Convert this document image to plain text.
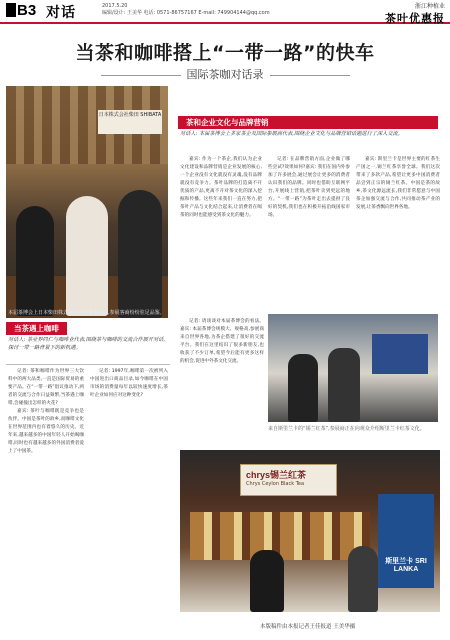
B3 对话	2017.5.20
编辑/设计: 王美华 电话: 0571-86757167 E-mail: 749904144@qq.com
浙江种植业
茶叶优惠报
当茶和咖啡搭上“一带一路”的快车
国际茶咖对话录
日本株式会社柴田 SHIBATA
本届茶博会上日本柴田株式会社展位备受关注,参展客商纷纷驻足品鉴。
当茶遇上咖啡
对话人: 茶业界同仁与咖啡业代表,围绕茶与咖啡的交流合作展开对话,探讨一带一路背景下的新机遇。

记者: 茶和咖啡作为世界三大饮料中的两大品类,一直是国际贸易的重要产品。在“一带一路”倡议推动下,两者的交流与合作日益频繁,当茶遇上咖啡,会碰撞出怎样的火花?

嘉宾: 茶叶与咖啡既是竞争也是伙伴。中国是茶叶的故乡,而咖啡文化在世界范围内也有着悠久的历史。近年来,越来越多的中国年轻人开始喝咖啡,同时也有越来越多的外国消费者爱上了中国茶。

记者: 1997年,咖啡第一次被列入中国进出口商品目录,如今咖啡在中国市场的消费量每年以较快速度增长,茶叶企业如何应对这种变化?

茶和企业文化与品牌营销
对话人: 本届茶博会上多家茶企及国际参展商代表,围绕企业文化与品牌营销话题进行了深入交流。
嘉宾: 作为一个茶企,我们认为企业文化建设和品牌营销是企业发展的核心,一个企业没有文化就没有灵魂,没有品牌就没有竞争力。茶叶品牌的打造离不开优质的产品,更离不开对茶文化的深入挖掘和传播。这些年来我们一直在努力,把茶叶产品与文化结合起来,让消费者在喝茶的同时也能感受到茶文化的魅力。
记者: 在品牌营销方面,企业做了哪些尝试?效果如何?嘉宾: 我们在国内外参加了许多展会,通过展会让更多的消费者认识我们的品牌。同时也借助互联网平台,开展线上营销,把茶叶卖到更远的地方。“一带一路”为茶叶走出去提供了良好的契机,我们也在积极开拓沿线国家市场。
嘉宾: 斯里兰卡是世界主要的红茶生产国之一,锡兰红茶享誉全球。我们这次带来了多款产品,希望让更多中国消费者品尝到正宗的锡兰红茶。中国是茶的故乡,茶文化源远流长,我们非常愿意与中国茶企加强交流与合作,共同推动茶产业的发展,让茶香飘向世界各地。
来自斯里兰卡的“锡兰红茶”,参展商正在向观众介绍斯里兰卡红茶文化。
chrys锡兰红茶
Chrys Ceylon Black Tea
斯里兰卡 SRI LANKA
记者: 请谈谈对本届茶博会的看法。嘉宾: 本届茶博会规模大、规格高,参展商来自世界各地,为茶企搭建了很好的交流平台。我们在这里结识了很多新朋友,也收获了不少订单,希望今后能有更多这样的机会,促进中外茶文化交流。
本版稿件由本报记者王佳报道 王美华摄
